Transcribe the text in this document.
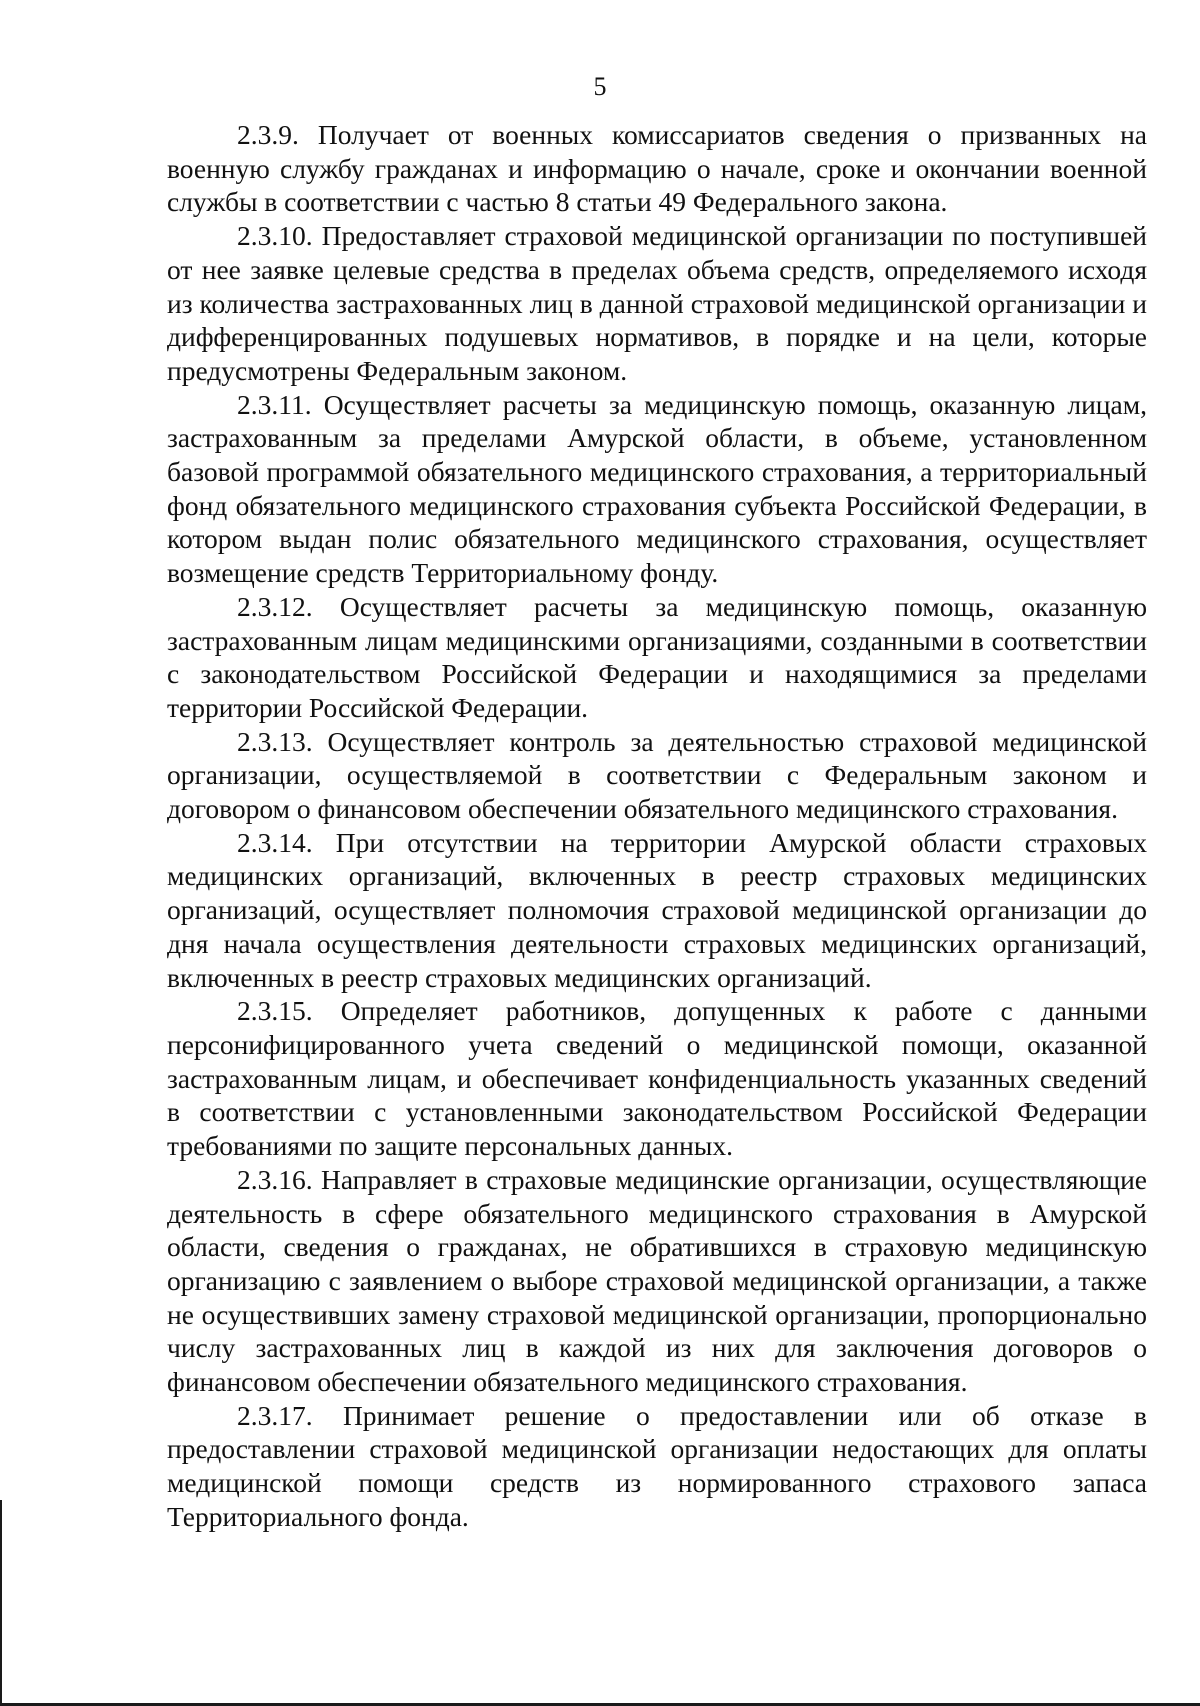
5

2.3.9. Получает от военных комиссариатов сведения о призванных на военную службу гражданах и информацию о начале, сроке и окончании военной службы в соответствии с частью 8 статьи 49 Федерального закона.

2.3.10. Предоставляет страховой медицинской организации по поступившей от нее заявке целевые средства в пределах объема средств, определяемого исходя из количества застрахованных лиц в данной страховой медицинской организации и дифференцированных подушевых нормативов, в порядке и на цели, которые предусмотрены Федеральным законом.

2.3.11. Осуществляет расчеты за медицинскую помощь, оказанную лицам, застрахованным за пределами Амурской области, в объеме, установленном базовой программой обязательного медицинского страхования, а территориальный фонд обязательного медицинского страхования субъекта Российской Федерации, в котором выдан полис обязательного медицинского страхования, осуществляет возмещение средств Территориальному фонду.

2.3.12. Осуществляет расчеты за медицинскую помощь, оказанную застрахованным лицам медицинскими организациями, созданными в соответствии с законодательством Российской Федерации и находящимися за пределами территории Российской Федерации.

2.3.13. Осуществляет контроль за деятельностью страховой медицинской организации, осуществляемой в соответствии с Федеральным законом и договором о финансовом обеспечении обязательного медицинского страхования.

2.3.14. При отсутствии на территории Амурской области страховых медицинских организаций, включенных в реестр страховых медицинских организаций, осуществляет полномочия страховой медицинской организации до дня начала осуществления деятельности страховых медицинских организаций, включенных в реестр страховых медицинских организаций.

2.3.15. Определяет работников, допущенных к работе с данными персонифицированного учета сведений о медицинской помощи, оказанной застрахованным лицам, и обеспечивает конфиденциальность указанных сведений в соответствии с установленными законодательством Российской Федерации требованиями по защите персональных данных.

2.3.16. Направляет в страховые медицинские организации, осуществляющие деятельность в сфере обязательного медицинского страхования в Амурской области, сведения о гражданах, не обратившихся в страховую медицинскую организацию с заявлением о выборе страховой медицинской организации, а также не осуществивших замену страховой медицинской организации, пропорционально числу застрахованных лиц в каждой из них для заключения договоров о финансовом обеспечении обязательного медицинского страхования.

2.3.17. Принимает решение о предоставлении или об отказе в предоставлении страховой медицинской организации недостающих для оплаты медицинской помощи средств из нормированного страхового запаса Территориального фонда.
